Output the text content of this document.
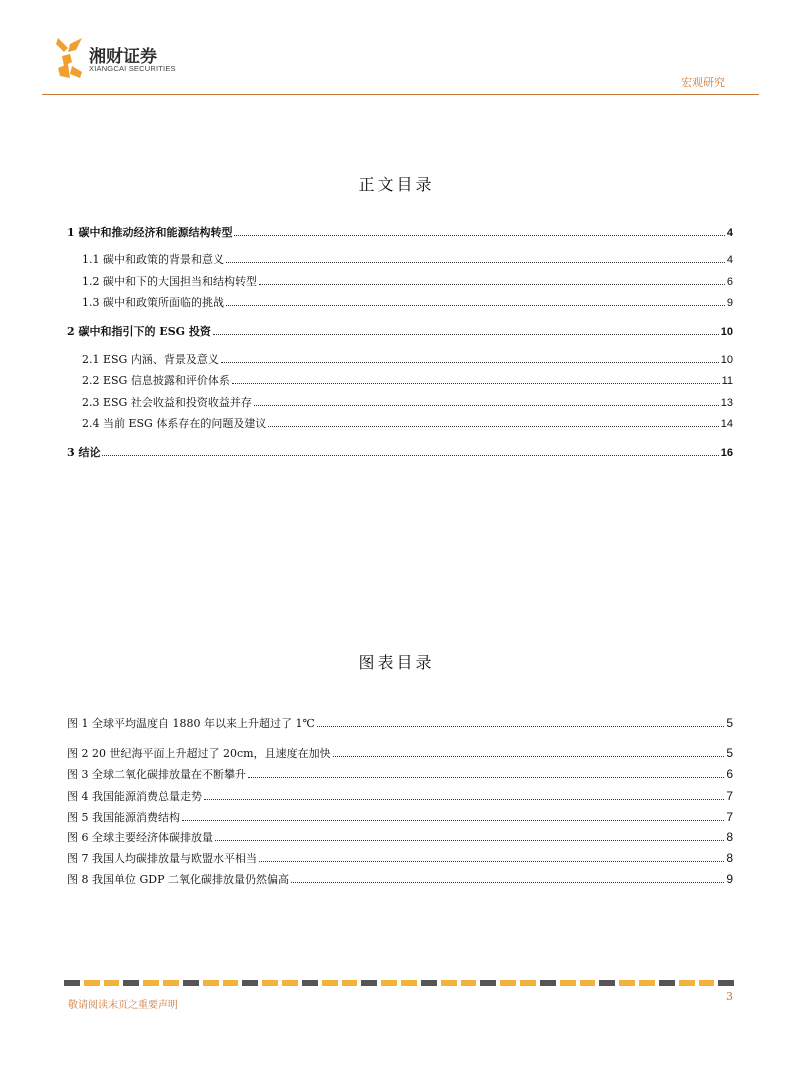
湘财证券
XIANGCAI SECURITIES
宏观研究
正文目录
1 碳中和推动经济和能源结构转型	4
1.1 碳中和政策的背景和意义	4
1.2 碳中和下的大国担当和结构转型	6
1.3 碳中和政策所面临的挑战	9
2 碳中和指引下的 ESG 投资	10
2.1 ESG 内涵、背景及意义	10
2.2 ESG 信息披露和评价体系	11
2.3 ESG 社会收益和投资收益并存	13
2.4 当前 ESG 体系存在的问题及建议	14
3 结论	16
图表目录
图 1 全球平均温度自 1880 年以来上升超过了 1℃	5
图 2 20 世纪海平面上升超过了 20cm，且速度在加快	5
图 3 全球二氧化碳排放量在不断攀升	6
图 4 我国能源消费总量走势	7
图 5 我国能源消费结构	7
图 6 全球主要经济体碳排放量	8
图 7 我国人均碳排放量与欧盟水平相当	8
图 8 我国单位 GDP 二氧化碳排放量仍然偏高	9
敬请阅读末页之重要声明
3
